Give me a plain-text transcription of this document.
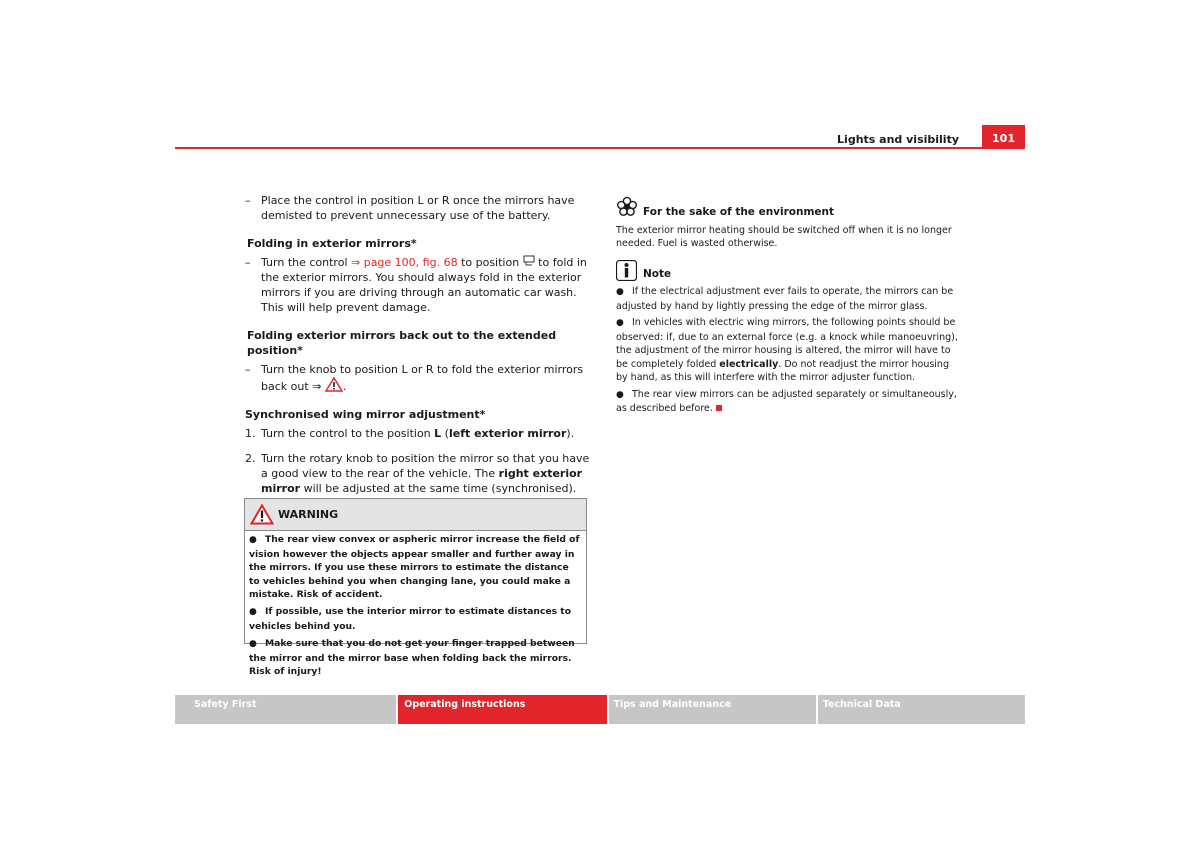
Lights and visibility	101

– Place the control in position L or R once the mirrors have demisted to prevent unnecessary use of the battery.

Folding in exterior mirrors*

– Turn the control ⇒ page 100, fig. 68 to position  to fold in the exterior mirrors. You should always fold in the exterior mirrors if you are driving through an automatic car wash. This will help prevent damage.

Folding exterior mirrors back out to the extended position*

– Turn the knob to position L or R to fold the exterior mirrors back out ⇒ .

Synchronised wing mirror adjustment*

1. Turn the control to the position L (left exterior mirror).

2. Turn the rotary knob to position the mirror so that you have a good view to the rear of the vehicle. The right exterior mirror will be adjusted at the same time (synchronised).

WARNING

● The rear view convex or aspheric mirror increase the field of vision however the objects appear smaller and further away in the mirrors. If you use these mirrors to estimate the distance to vehicles behind you when changing lane, you could make a mistake. Risk of accident.

● If possible, use the interior mirror to estimate distances to vehicles behind you.

● Make sure that you do not get your finger trapped between the mirror and the mirror base when folding back the mirrors. Risk of injury!

For the sake of the environment

The exterior mirror heating should be switched off when it is no longer needed. Fuel is wasted otherwise.

Note

● If the electrical adjustment ever fails to operate, the mirrors can be adjusted by hand by lightly pressing the edge of the mirror glass.

● In vehicles with electric wing mirrors, the following points should be observed: if, due to an external force (e.g. a knock while manoeuvring), the adjustment of the mirror housing is altered, the mirror will have to be completely folded electrically. Do not readjust the mirror housing by hand, as this will interfere with the mirror adjuster function.

● The rear view mirrors can be adjusted separately or simultaneously, as described before.

Safety First	Operating instructions	Tips and Maintenance	Technical Data
